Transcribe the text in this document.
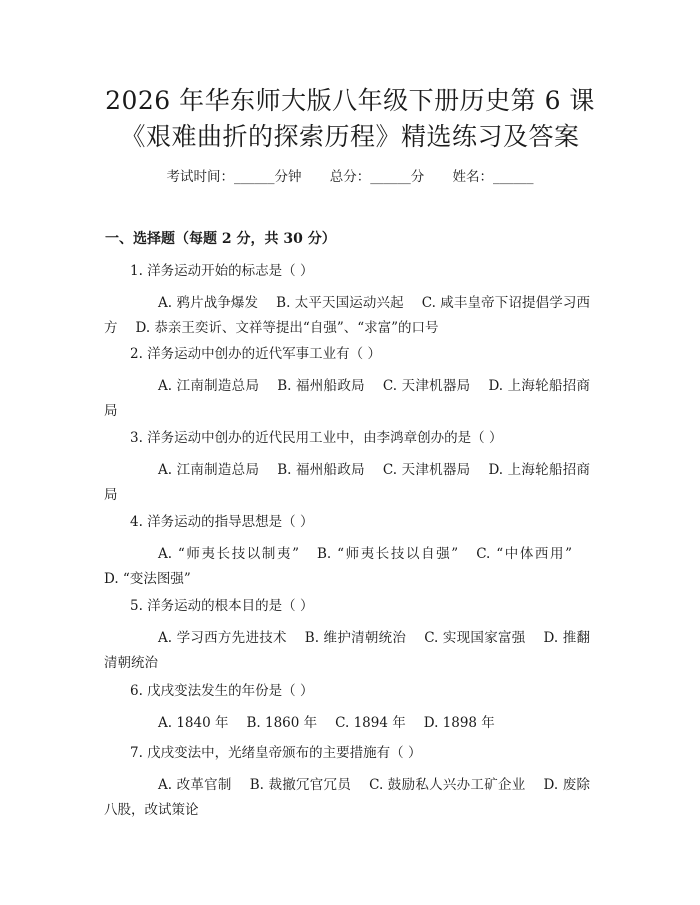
2026 年华东师大版八年级下册历史第 6 课
《艰难曲折的探索历程》精选练习及答案
考试时间：______分钟 总分：______分 姓名：______
一、选择题（每题 2 分，共 30 分）
1. 洋务运动开始的标志是（ ）
A. 鸦片战争爆发 B. 太平天国运动兴起 C. 咸丰皇帝下诏提倡学习西方 D. 恭亲王奕䜣、文祥等提出“自强”、“求富”的口号
2. 洋务运动中创办的近代军事工业有（ ）
A. 江南制造总局 B. 福州船政局 C. 天津机器局 D. 上海轮船招商局
3. 洋务运动中创办的近代民用工业中，由李鸿章创办的是（ ）
A. 江南制造总局 B. 福州船政局 C. 天津机器局 D. 上海轮船招商局
4. 洋务运动的指导思想是（ ）
A. “师夷长技以制夷” B. “师夷长技以自强” C. “中体西用”D. “变法图强”
5. 洋务运动的根本目的是（ ）
A. 学习西方先进技术 B. 维护清朝统治 C. 实现国家富强 D. 推翻清朝统治
6. 戊戌变法发生的年份是（ ）
A. 1840 年 B. 1860 年 C. 1894 年 D. 1898 年
7. 戊戌变法中，光绪皇帝颁布的主要措施有（ ）
A. 改革官制 B. 裁撤冗官冗员 C. 鼓励私人兴办工矿企业 D. 废除八股，改试策论
